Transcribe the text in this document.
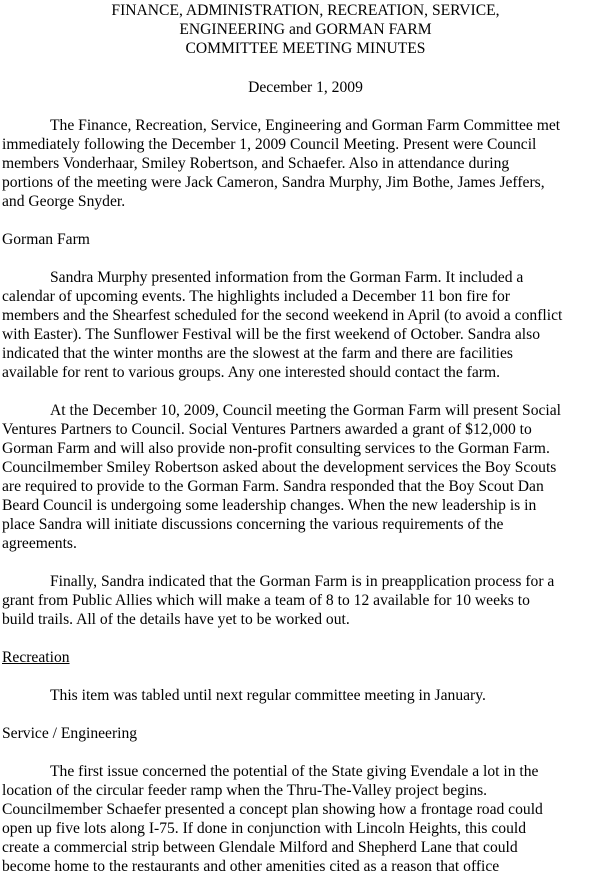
FINANCE, ADMINISTRATION, RECREATION, SERVICE,
ENGINEERING and GORMAN FARM
COMMITTEE MEETING MINUTES
December 1, 2009
The Finance, Recreation, Service, Engineering and Gorman Farm Committee met
immediately following the December 1, 2009 Council Meeting. Present were Council
members Vonderhaar, Smiley Robertson, and Schaefer. Also in attendance during
portions of the meeting were Jack Cameron, Sandra Murphy, Jim Bothe, James Jeffers,
and George Snyder.
Gorman Farm
Sandra Murphy presented information from the Gorman Farm. It included a
calendar of upcoming events. The highlights included a December 11 bon fire for
members and the Shearfest scheduled for the second weekend in April (to avoid a conflict
with Easter). The Sunflower Festival will be the first weekend of October. Sandra also
indicated that the winter months are the slowest at the farm and there are facilities
available for rent to various groups. Any one interested should contact the farm.
At the December 10, 2009, Council meeting the Gorman Farm will present Social
Ventures Partners to Council. Social Ventures Partners awarded a grant of $12,000 to
Gorman Farm and will also provide non-profit consulting services to the Gorman Farm.
Councilmember Smiley Robertson asked about the development services the Boy Scouts
are required to provide to the Gorman Farm. Sandra responded that the Boy Scout Dan
Beard Council is undergoing some leadership changes. When the new leadership is in
place Sandra will initiate discussions concerning the various requirements of the
agreements.
Finally, Sandra indicated that the Gorman Farm is in preapplication process for a
grant from Public Allies which will make a team of 8 to 12 available for 10 weeks to
build trails. All of the details have yet to be worked out.
Recreation
This item was tabled until next regular committee meeting in January.
Service / Engineering
The first issue concerned the potential of the State giving Evendale a lot in the
location of the circular feeder ramp when the Thru-The-Valley project begins.
Councilmember Schaefer presented a concept plan showing how a frontage road could
open up five lots along I-75. If done in conjunction with Lincoln Heights, this could
create a commercial strip between Glendale Milford and Shepherd Lane that could
become home to the restaurants and other amenities cited as a reason that office
